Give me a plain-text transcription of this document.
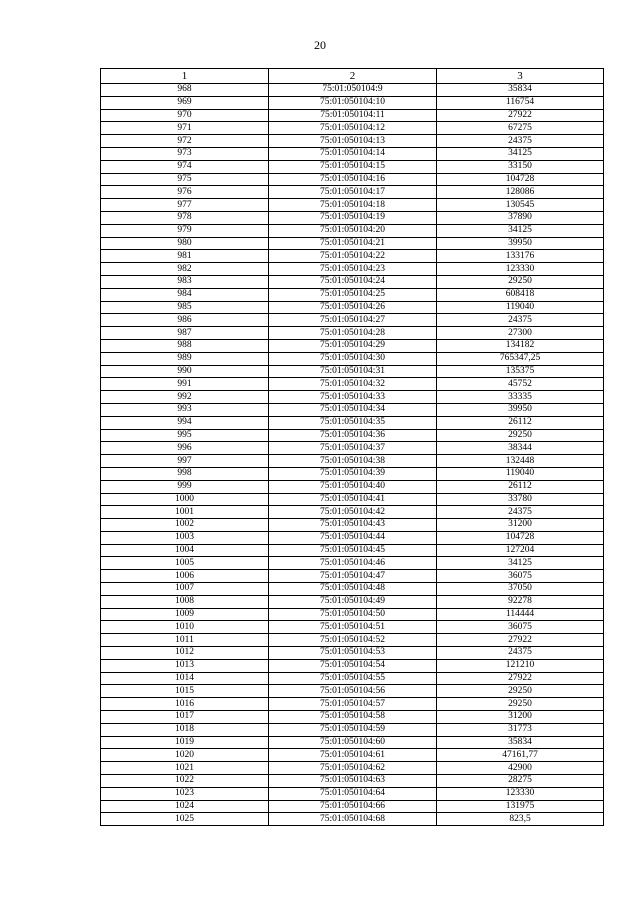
20
1	2	3
968	75:01:050104:9	35834
969	75:01:050104:10	116754
970	75:01:050104:11	27922
971	75:01:050104:12	67275
972	75:01:050104:13	24375
973	75:01:050104:14	34125
974	75:01:050104:15	33150
975	75:01:050104:16	104728
976	75:01:050104:17	128086
977	75:01:050104:18	130545
978	75:01:050104:19	37890
979	75:01:050104:20	34125
980	75:01:050104:21	39950
981	75:01:050104:22	133176
982	75:01:050104:23	123330
983	75:01:050104:24	29250
984	75:01:050104:25	608418
985	75:01:050104:26	119040
986	75:01:050104:27	24375
987	75:01:050104:28	27300
988	75:01:050104:29	134182
989	75:01:050104:30	765347,25
990	75:01:050104:31	135375
991	75:01:050104:32	45752
992	75:01:050104:33	33335
993	75:01:050104:34	39950
994	75:01:050104:35	26112
995	75:01:050104:36	29250
996	75:01:050104:37	38344
997	75:01:050104:38	132448
998	75:01:050104:39	119040
999	75:01:050104:40	26112
1000	75:01:050104:41	33780
1001	75:01:050104:42	24375
1002	75:01:050104:43	31200
1003	75:01:050104:44	104728
1004	75:01:050104:45	127204
1005	75:01:050104:46	34125
1006	75:01:050104:47	36075
1007	75:01:050104:48	37050
1008	75:01:050104:49	92278
1009	75:01:050104:50	114444
1010	75:01:050104:51	36075
1011	75:01:050104:52	27922
1012	75:01:050104:53	24375
1013	75:01:050104:54	121210
1014	75:01:050104:55	27922
1015	75:01:050104:56	29250
1016	75:01:050104:57	29250
1017	75:01:050104:58	31200
1018	75:01:050104:59	31773
1019	75:01:050104:60	35834
1020	75:01:050104:61	47161,77
1021	75:01:050104:62	42900
1022	75:01:050104:63	28275
1023	75:01:050104:64	123330
1024	75:01:050104:66	131975
1025	75:01:050104:68	823,5
